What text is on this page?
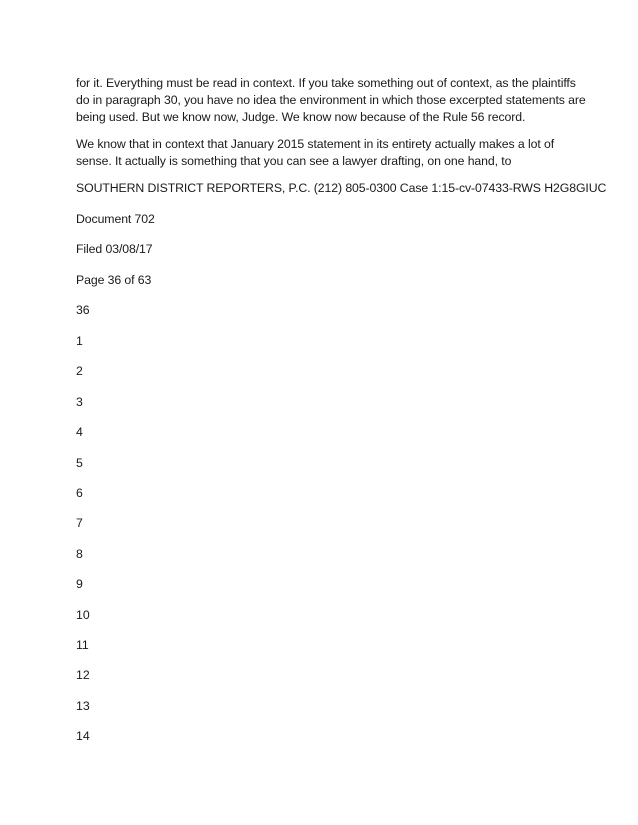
for it. Everything must be read in context. If you take something out of context, as the plaintiffs
do in paragraph 30, you have no idea the environment in which those excerpted statements are
being used. But we know now, Judge. We know now because of the Rule 56 record.
We know that in context that January 2015 statement in its entirety actually makes a lot of
sense. It actually is something that you can see a lawyer drafting, on one hand, to

SOUTHERN DISTRICT REPORTERS, P.C. (212) 805-0300 Case 1:15-cv-07433-RWS H2G8GIUC

Document 702

Filed 03/08/17

Page 36 of 63

36

1
2
3
4
5
6
7
8
9
10
11
12
13
14
